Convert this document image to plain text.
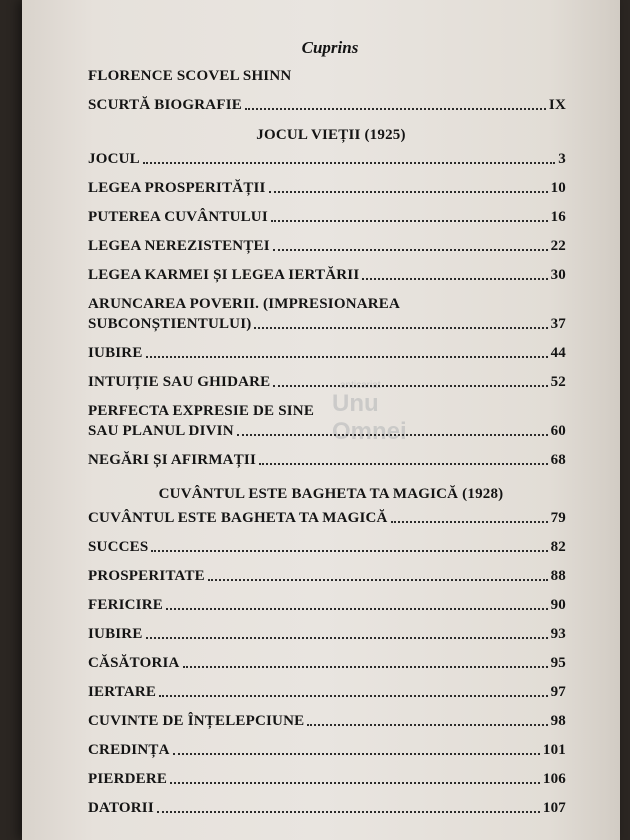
anticariat
Unu Omnei
Cuprins
FLORENCE SCOVEL SHINN
SCURTĂ BIOGRAFIE	IX
JOCUL VIEȚII (1925)
JOCUL	3
LEGEA PROSPERITĂȚII	10
PUTEREA CUVÂNTULUI	16
LEGEA NEREZISTENȚEI	22
LEGEA KARMEI ȘI LEGEA IERTĂRII	30
ARUNCAREA POVERII. (IMPRESIONAREA
SUBCONȘTIENTULUI)	37
IUBIRE	44
INTUIȚIE SAU GHIDARE	52
PERFECTA EXPRESIE DE SINE
SAU PLANUL DIVIN	60
NEGĂRI ȘI AFIRMAȚII	68
CUVÂNTUL ESTE BAGHETA TA MAGICĂ (1928)
CUVÂNTUL ESTE BAGHETA TA MAGICĂ	79
SUCCES	82
PROSPERITATE	88
FERICIRE	90
IUBIRE	93
CĂSĂTORIA	95
IERTARE	97
CUVINTE DE ÎNȚELEPCIUNE	98
CREDINȚA	101
PIERDERE	106
DATORII	107
